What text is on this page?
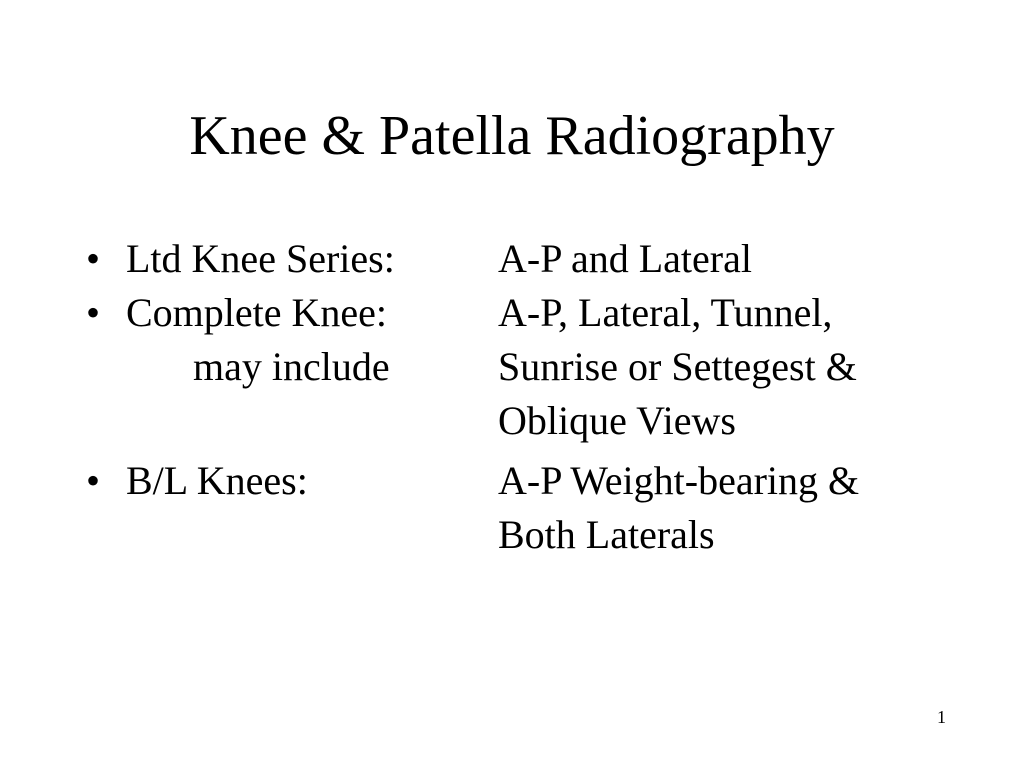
Knee & Patella Radiography
• Ltd Knee Series:	A-P and Lateral
• Complete Knee:
may include
A-P, Lateral, Tunnel,
Sunrise or Settegest &
Oblique Views
• B/L Knees:	A-P Weight-bearing &
Both Laterals
1
